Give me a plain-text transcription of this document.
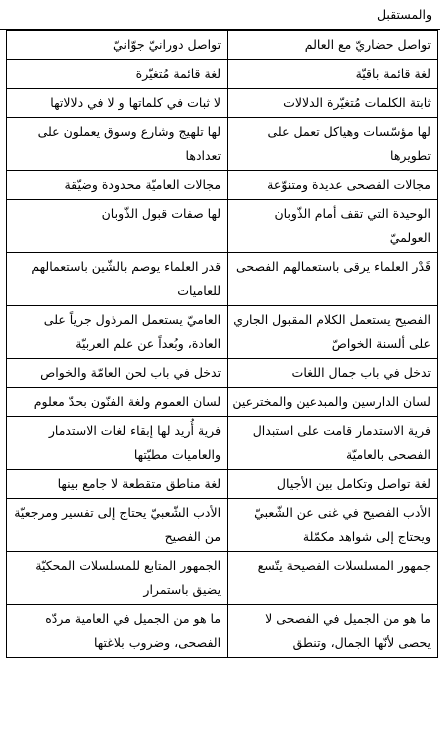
والمستقبل
تواصل حضاريّ مع العالم	تواصل دورانيّ جوّانيّ
لغة قائمة باقيّة	لغة قائمة مُتغيّرة
ثابتة الكلمات مُتغيّرة الدلالات	لا ثبات في كلماتها و لا في دلالاتها
لها مؤسّسات وهياكل تعمل على تطويرها	لها تلهيج وشارع وسوق يعملون على تعدادها
مجالات الفصحى عديدة ومتنوّعة	مجالات العاميّة محدودة وضيّقة
الوحيدة التي تقف أمام الذّوبان العولميّ	لها صفات قبول الذّوبان
قَدْر العلماء يرقى باستعمالهم الفصحى	قدر العلماء يوصم بالشّين باستعمالهم للعاميات
الفصيح يستعمل الكلام المقبول الجاري على ألسنة الخواصّ	العاميّ يستعمل المرذول جرياً على العادة، وبُعداً عن علم العربيّة
تدخل في باب جمال اللغات	تدخل في باب لحن العامّة والخواص
لسان الدارسين والمبدعين والمخترعين	لسان العموم ولغة الفنّون بحدّ معلوم
فرية الاستدمار قامت على استبدال الفصحى بالعاميّة	فرية أُريد لها إبقاء لغات الاستدمار والعاميات مطيّتها
لغة تواصل وتكامل بين الأجيال	لغة مناطق متقطعة لا جامع بينها
الأدب الفصيح في غنى عن الشّعبيّ ويحتاج إلى شواهد مكمّلة	الأدب الشّعبيّ يحتاج إلى تفسير ومرجعيّة من الفصيح
جمهور المسلسلات الفصيحة يتّسع	الجمهور المتابع للمسلسلات المحكيّة يضيق باستمرار
ما هو من الجميل في الفصحى لا يحصى لأنّها الجمال، وتنطق	ما هو من الجميل في العامية مردّه الفصحى، وضروب بلاغتها
